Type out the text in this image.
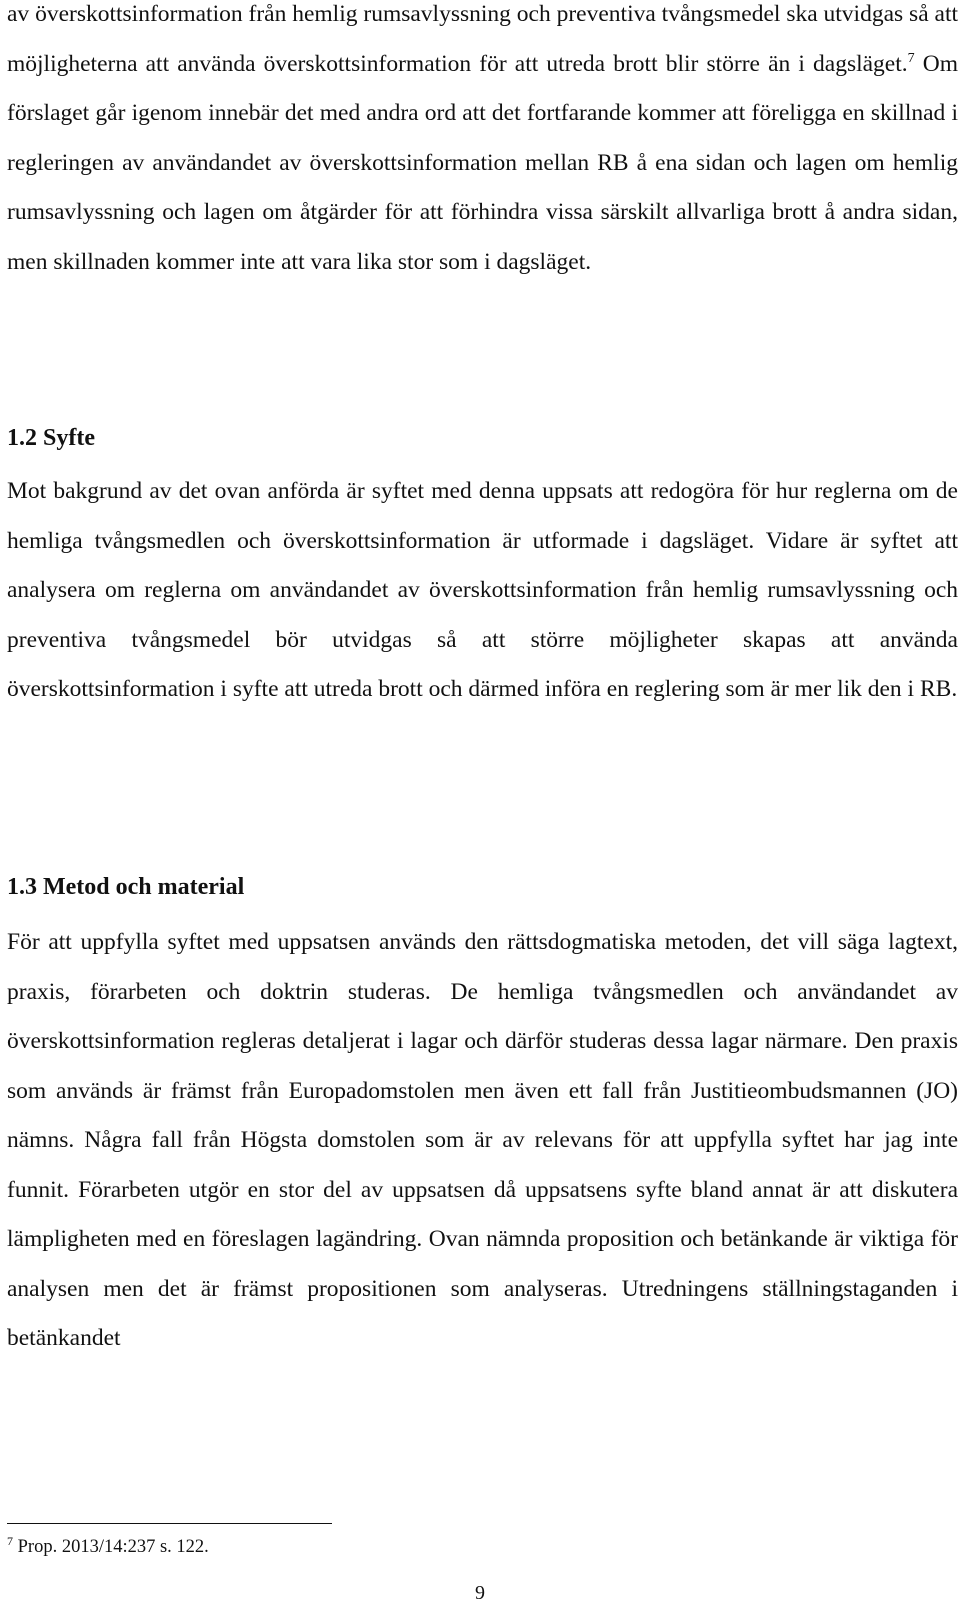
av överskottsinformation från hemlig rumsavlyssning och preventiva tvångsmedel ska utvidgas så att möjligheterna att använda överskottsinformation för att utreda brott blir större än i dagsläget.$^7$ Om förslaget går igenom innebär det med andra ord att det fortfarande kommer att föreligga en skillnad i regleringen av användandet av överskottsinformation mellan RB å ena sidan och lagen om hemlig rumsavlyssning och lagen om åtgärder för att förhindra vissa särskilt allvarliga brott å andra sidan, men skillnaden kommer inte att vara lika stor som i dagsläget.

1.2 Syfte

Mot bakgrund av det ovan anförda är syftet med denna uppsats att redogöra för hur reglerna om de hemliga tvångsmedlen och överskottsinformation är utformade i dagsläget. Vidare är syftet att analysera om reglerna om användandet av överskottsinformation från hemlig rumsavlyssning och preventiva tvångsmedel bör utvidgas så att större möjligheter skapas att använda överskottsinformation i syfte att utreda brott och därmed införa en reglering som är mer lik den i RB.

1.3 Metod och material

För att uppfylla syftet med uppsatsen används den rättsdogmatiska metoden, det vill säga lagtext, praxis, förarbeten och doktrin studeras. De hemliga tvångsmedlen och användandet av överskottsinformation regleras detaljerat i lagar och därför studeras dessa lagar närmare. Den praxis som används är främst från Europadomstolen men även ett fall från Justitieombudsmannen (JO) nämns. Några fall från Högsta domstolen som är av relevans för att uppfylla syftet har jag inte funnit. Förarbeten utgör en stor del av uppsatsen då uppsatsens syfte bland annat är att diskutera lämpligheten med en föreslagen lagändring. Ovan nämnda proposition och betänkande är viktiga för analysen men det är främst propositionen som analyseras. Utredningens ställningstaganden i betänkandet

$^7$ Prop. 2013/14:237 s. 122.

9
